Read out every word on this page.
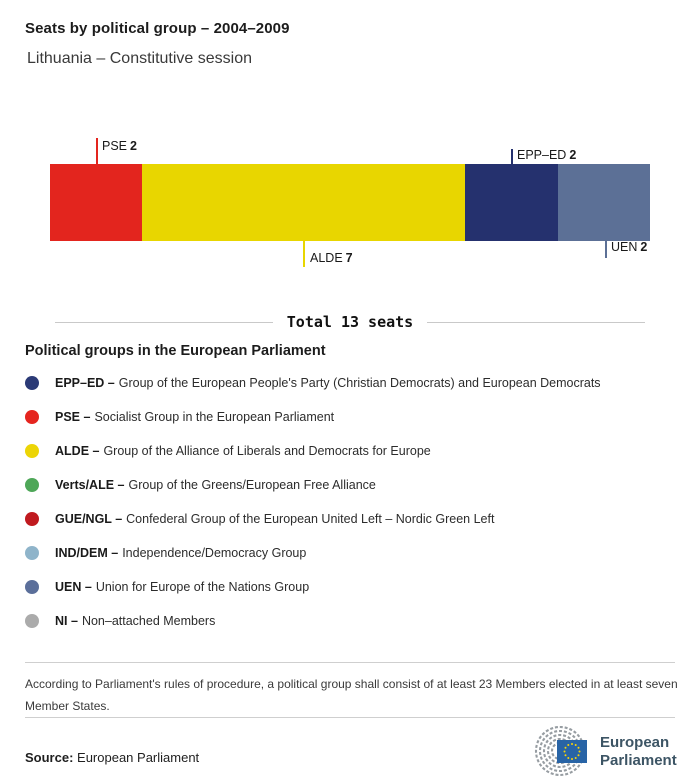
Seats by political group – 2004–2009
Lithuania – Constitutive session
PSE 2
ALDE 7
EPP–ED 2
UEN 2
Total 13 seats
Political groups in the European Parliament
EPP–ED – Group of the European People's Party (Christian Democrats) and European Democrats
PSE – Socialist Group in the European Parliament
ALDE – Group of the Alliance of Liberals and Democrats for Europe
Verts/ALE – Group of the Greens/European Free Alliance
GUE/NGL – Confederal Group of the European United Left – Nordic Green Left
IND/DEM – Independence/Democracy Group
UEN – Union for Europe of the Nations Group
NI – Non–attached Members
According to Parliament's rules of procedure, a political group shall consist of at least 23 Members elected in at least seven Member States.
Source: European Parliament
European
Parliament
